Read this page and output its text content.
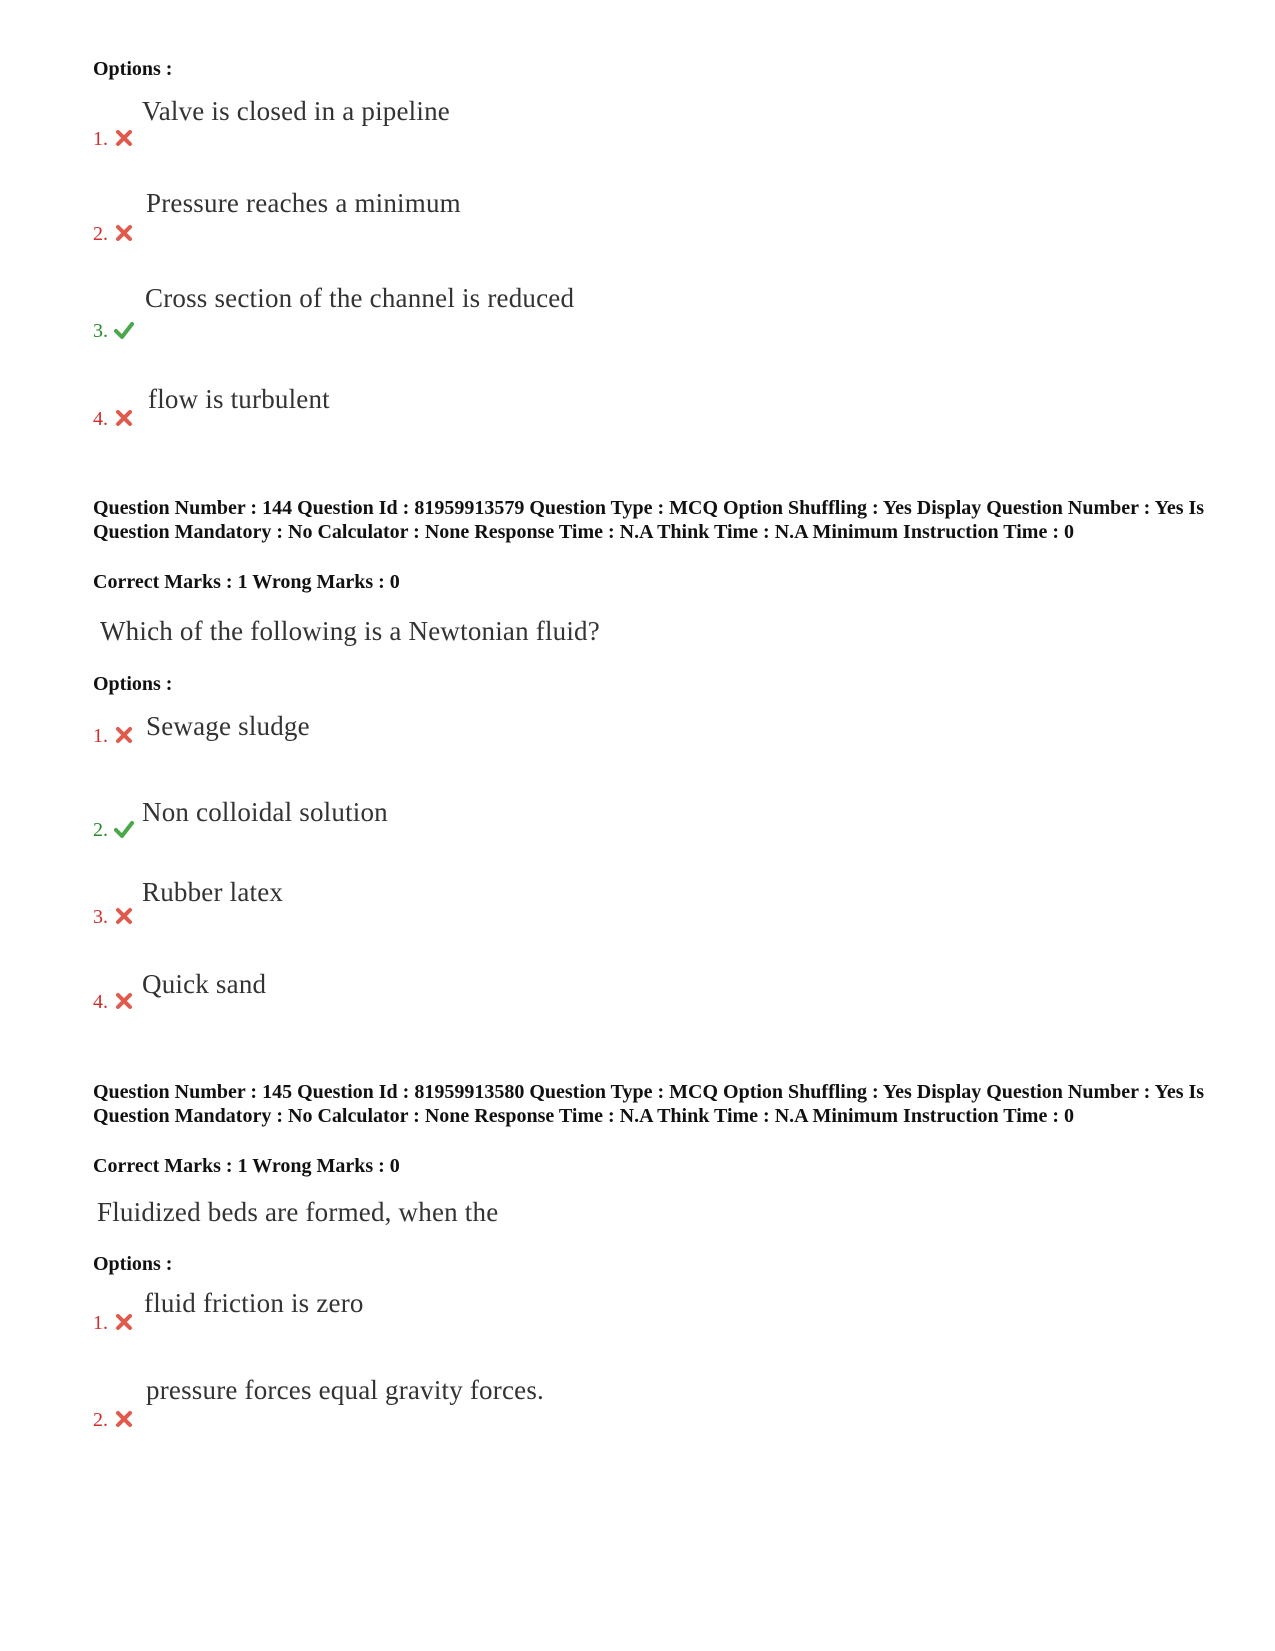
Options :
Valve is closed in a pipeline
1.
Pressure reaches a minimum
2.
Cross section of the channel is reduced
3.
flow is turbulent
4.
Question Number : 144 Question Id : 81959913579 Question Type : MCQ Option Shuffling : Yes Display Question Number : Yes Is Question Mandatory : No Calculator : None Response Time : N.A Think Time : N.A Minimum Instruction Time : 0
Correct Marks : 1 Wrong Marks : 0
Which of the following is a Newtonian fluid?
Options :
Sewage sludge
1.
Non colloidal solution
2.
Rubber latex
3.
Quick sand
4.
Question Number : 145 Question Id : 81959913580 Question Type : MCQ Option Shuffling : Yes Display Question Number : Yes Is Question Mandatory : No Calculator : None Response Time : N.A Think Time : N.A Minimum Instruction Time : 0
Correct Marks : 1 Wrong Marks : 0
Fluidized beds are formed, when the
Options :
fluid friction is zero
1.
pressure forces equal gravity forces.
2.
